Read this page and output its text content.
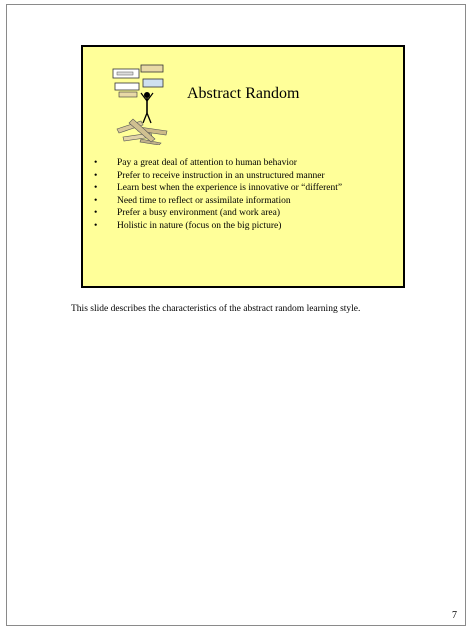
Abstract Random
• Pay a great deal of attention to human behavior
• Prefer to receive instruction in an unstructured manner
• Learn best when the experience is innovative or “different”
• Need time to reflect or assimilate information
• Prefer a busy environment (and work area)
• Holistic in nature (focus on the big picture)

This slide describes the characteristics of the abstract random learning style.

7
